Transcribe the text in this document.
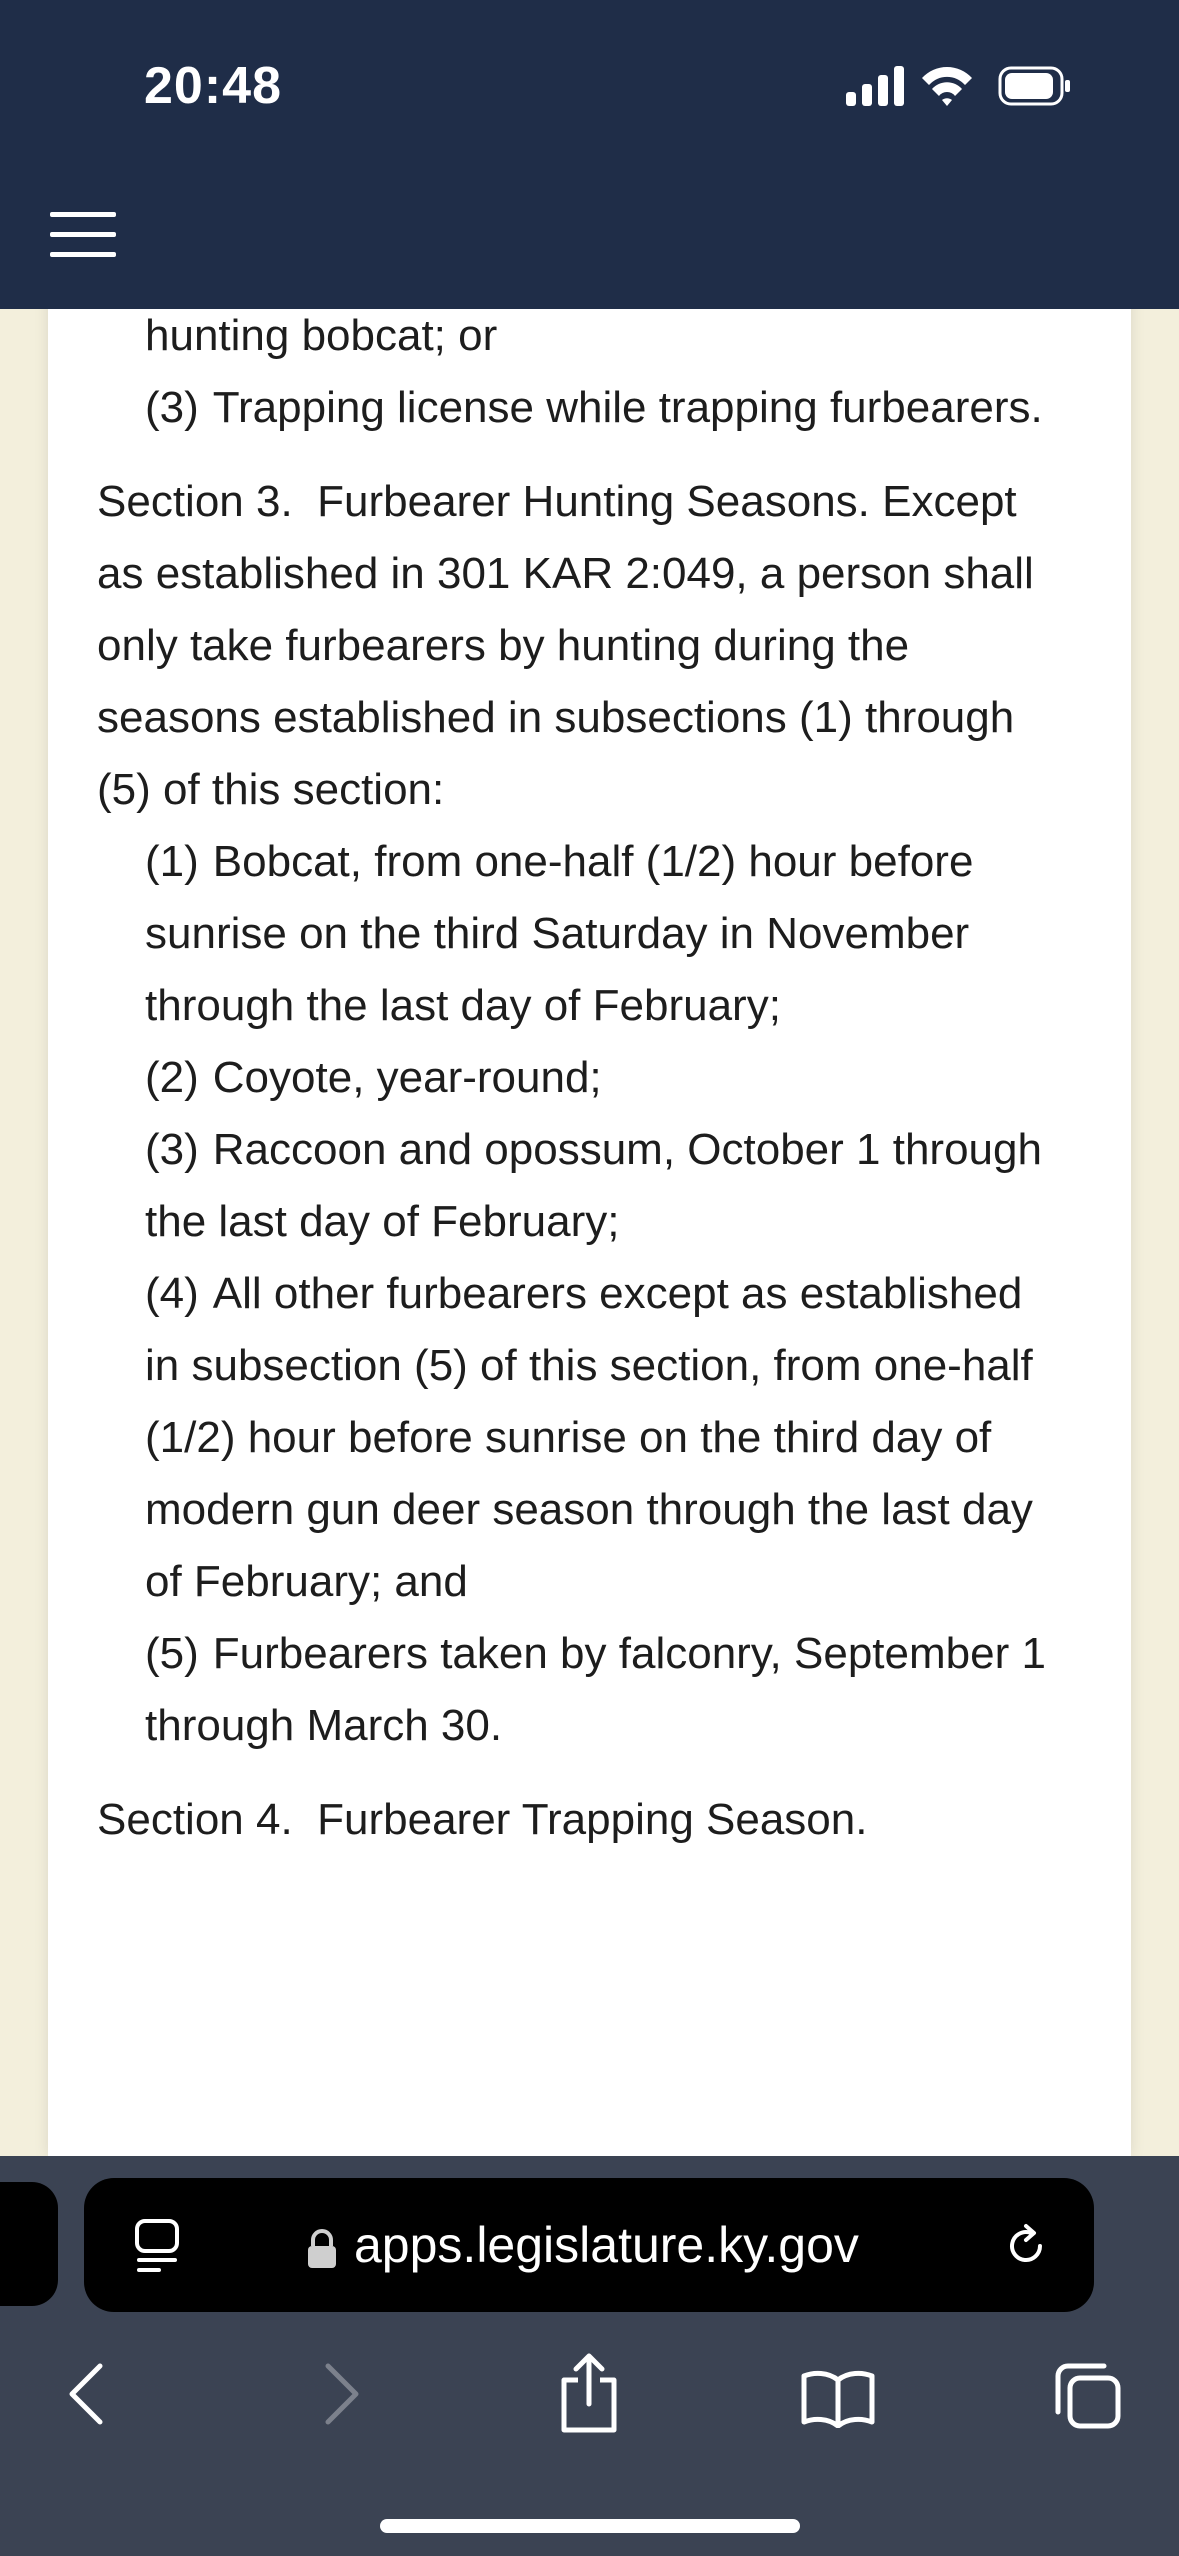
hunting bobcat; or

(3) Trapping license while trapping furbearers.

Section 3. Furbearer Hunting Seasons. Except as established in 301 KAR 2:049, a person shall only take furbearers by hunting during the seasons established in subsections (1) through (5) of this section:

(1) Bobcat, from one-half (1/2) hour before sunrise on the third Saturday in November through the last day of February;

(2) Coyote, year-round;

(3) Raccoon and opossum, October 1 through the last day of February;

(4) All other furbearers except as established in subsection (5) of this section, from one-half (1/2) hour before sunrise on the third day of modern gun deer season through the last day of February; and

(5) Furbearers taken by falconry, September 1 through March 30.

Section 4. Furbearer Trapping Season.

20:48
apps.legislature.ky.gov
